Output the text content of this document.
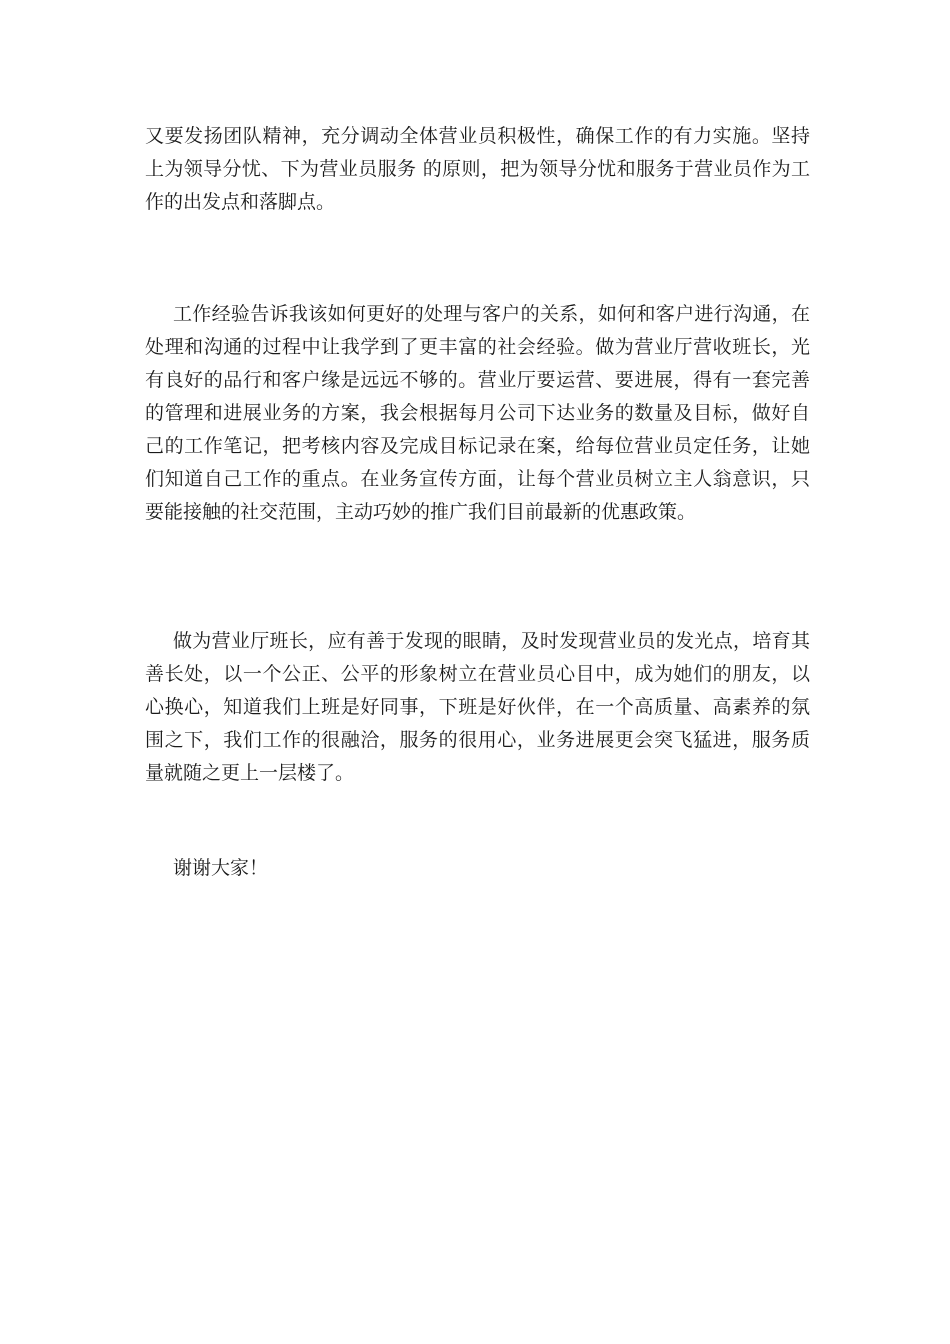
又要发扬团队精神，充分调动全体营业员积极性，确保工作的有力实施。坚持
上为领导分忧、下为营业员服务 的原则，把为领导分忧和服务于营业员作为工
作的出发点和落脚点。
工作经验告诉我该如何更好的处理与客户的关系，如何和客户进行沟通，在
处理和沟通的过程中让我学到了更丰富的社会经验。做为营业厅营收班长，光
有良好的品行和客户缘是远远不够的。营业厅要运营、要进展，得有一套完善
的管理和进展业务的方案，我会根据每月公司下达业务的数量及目标，做好自
己的工作笔记，把考核内容及完成目标记录在案，给每位营业员定任务，让她
们知道自己工作的重点。在业务宣传方面，让每个营业员树立主人翁意识，只
要能接触的社交范围，主动巧妙的推广我们目前最新的优惠政策。
做为营业厅班长，应有善于发现的眼睛，及时发现营业员的发光点，培育其
善长处，以一个公正、公平的形象树立在营业员心目中，成为她们的朋友，以
心换心，知道我们上班是好同事，下班是好伙伴，在一个高质量、高素养的氛
围之下，我们工作的很融洽，服务的很用心，业务进展更会突飞猛进，服务质
量就随之更上一层楼了。
谢谢大家！
